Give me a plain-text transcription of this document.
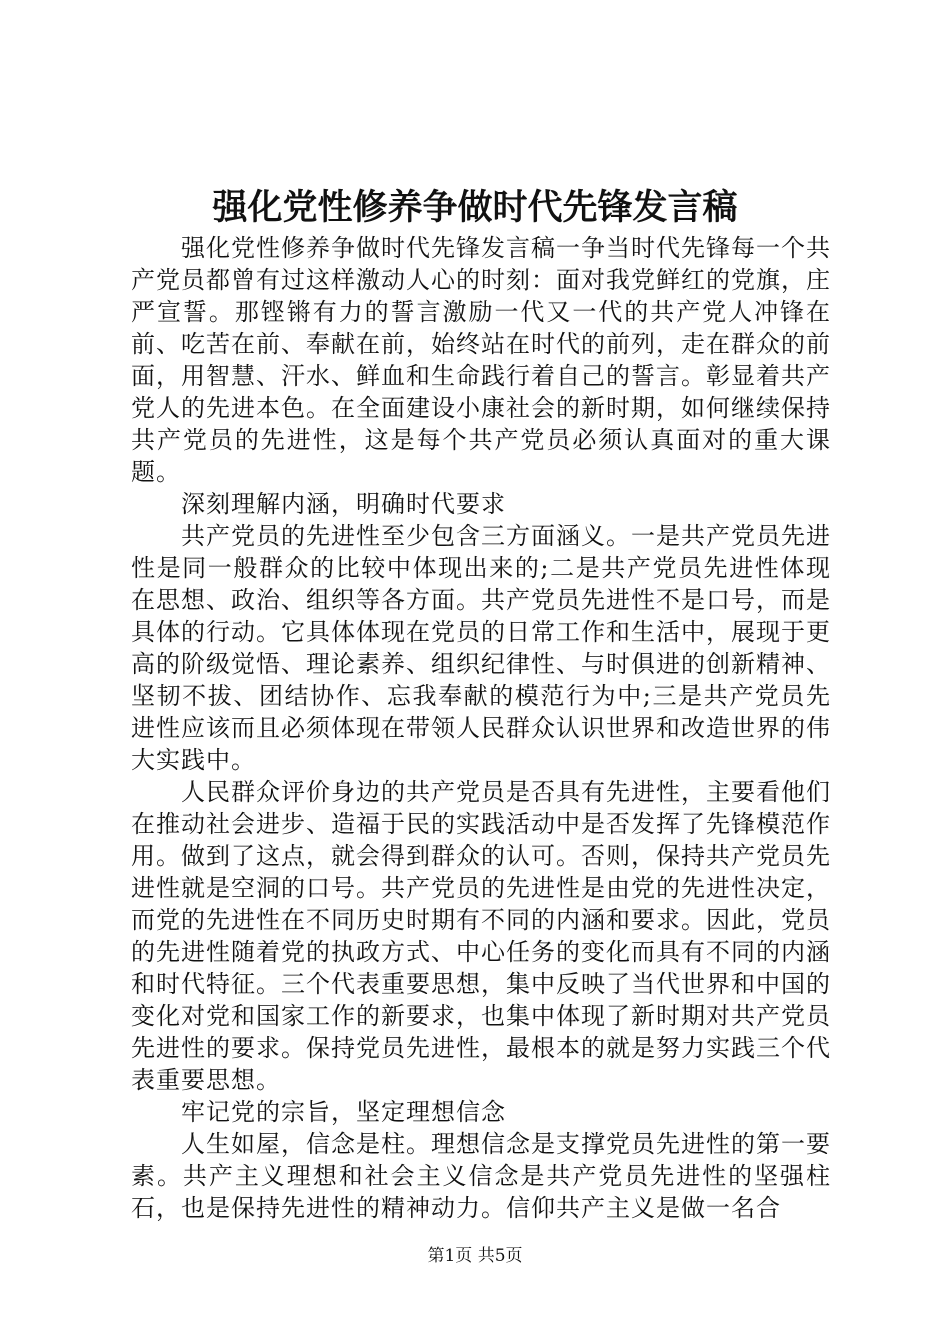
强化党性修养争做时代先锋发言稿

强化党性修养争做时代先锋发言稿一争当时代先锋每一个共产党员都曾有过这样激动人心的时刻：面对我党鲜红的党旗，庄严宣誓。那铿锵有力的誓言激励一代又一代的共产党人冲锋在前、吃苦在前、奉献在前，始终站在时代的前列，走在群众的前面，用智慧、汗水、鲜血和生命践行着自己的誓言。彰显着共产党人的先进本色。在全面建设小康社会的新时期，如何继续保持共产党员的先进性，这是每个共产党员必须认真面对的重大课题。

深刻理解内涵，明确时代要求

共产党员的先进性至少包含三方面涵义。一是共产党员先进性是同一般群众的比较中体现出来的;二是共产党员先进性体现在思想、政治、组织等各方面。共产党员先进性不是口号，而是具体的行动。它具体体现在党员的日常工作和生活中，展现于更高的阶级觉悟、理论素养、组织纪律性、与时俱进的创新精神、坚韧不拔、团结协作、忘我奉献的模范行为中;三是共产党员先进性应该而且必须体现在带领人民群众认识世界和改造世界的伟大实践中。

人民群众评价身边的共产党员是否具有先进性，主要看他们在推动社会进步、造福于民的实践活动中是否发挥了先锋模范作用。做到了这点，就会得到群众的认可。否则，保持共产党员先进性就是空洞的口号。共产党员的先进性是由党的先进性决定，而党的先进性在不同历史时期有不同的内涵和要求。因此，党员的先进性随着党的执政方式、中心任务的变化而具有不同的内涵和时代特征。三个代表重要思想，集中反映了当代世界和中国的变化对党和国家工作的新要求，也集中体现了新时期对共产党员先进性的要求。保持党员先进性，最根本的就是努力实践三个代表重要思想。

牢记党的宗旨，坚定理想信念

人生如屋，信念是柱。理想信念是支撑党员先进性的第一要素。共产主义理想和社会主义信念是共产党员先进性的坚强柱石，也是保持先进性的精神动力。信仰共产主义是做一名合

第1页 共5页
